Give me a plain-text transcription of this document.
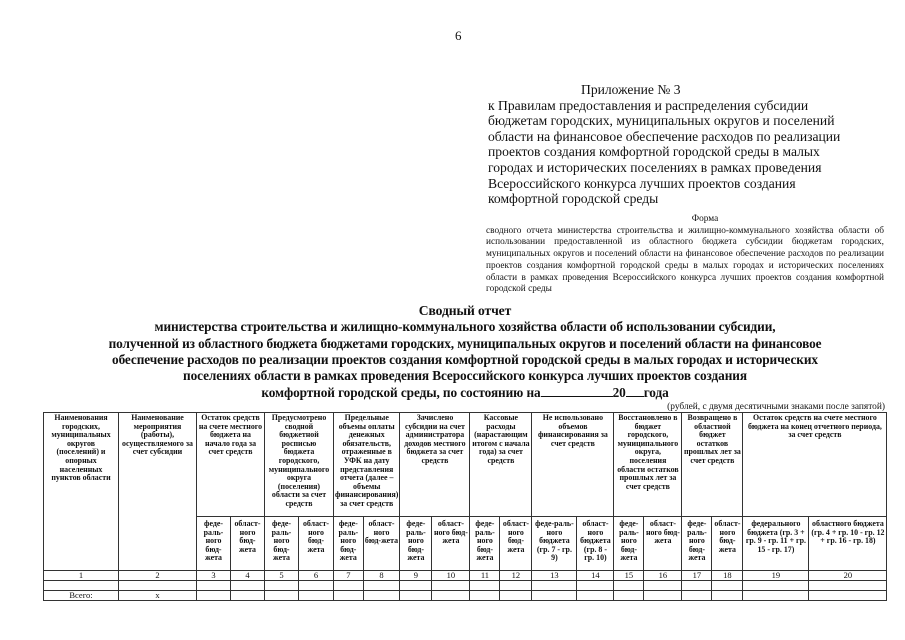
6
Приложение № 3
к Правилам предоставления и распределения субсидии
бюджетам городских, муниципальных округов и поселений
области на финансовое обеспечение расходов по реализации
проектов создания комфортной городской среды в малых
городах и исторических поселениях в рамках проведения
Всероссийского конкурса лучших проектов создания
комфортной городской среды
Форма
сводного отчета министерства строительства и жилищно-коммунального хозяйства области об использовании предоставленной из областного бюджета субсидии бюджетам городских, муниципальных округов и поселений области на финансовое обеспечение расходов по реализации проектов создания комфортной городской среды в малых городах и исторических поселениях области в рамках проведения Всероссийского конкурса лучших проектов создания комфортной городской среды
Сводный отчет
министерства строительства и жилищно-коммунального хозяйства области об использовании субсидии,
полученной из областного бюджета бюджетами городских, муниципальных округов и поселений области на финансовое
обеспечение расходов по реализации проектов создания комфортной городской среды в малых городах и исторических
поселениях области в рамках проведения Всероссийского конкурса лучших проектов создания
комфортной городской среды, по состоянию на	20 года
(рублей, с двумя десятичными знаками после запятой)
Наименования городских, муниципальных округов (поселений) и опорных населенных пунктов области	Наименование мероприятия (работы), осуществляемого за счет субсидии	Остаток средств на счете местного бюджета на начало года за счет средств		Предусмотрено сводной бюджетной росписью бюджета городского, муниципального округа (поселения) области за счет средств		Предельные объемы оплаты денежных обязательств, отраженные в УФК на дату представления отчета (далее – объемы финансирования) за счет средств		Зачислено субсидии на счет администратора доходов местного бюджета за счет средств		Кассовые расходы (нарастающим итогом с начала года) за счет средств		Не использовано объемов финансирования за счет средств		Восстановлено в бюджет городского, муниципального округа, поселения области остатков прошлых лет за счет средств		Возвращено в областной бюджет остатков прошлых лет за счет средств		Остаток средств на счете местного бюджета на конец отчетного периода, за счет средств	
		феде-раль-ного бюд-жета	област-ного бюд-жета	феде-раль-ного бюд-жета	област-ного бюд-жета	феде-раль-ного бюд-жета	област-ного бюд-жета	феде-раль-ного бюд-жета	област-ного бюд-жета	феде-раль-ного бюд-жета	област-ного бюд-жета	феде-раль-ного бюджета (гр. 7 - гр. 9)	област-ного бюджета (гр. 8 - гр. 10)	феде-раль-ного бюд-жета	област-ного бюд-жета	феде-раль-ного бюд-жета	област-ного бюд-жета	федерального бюджета (гр. 3 + гр. 9 - гр. 11 + гр. 15 - гр. 17)	областного бюджета (гр. 4 + гр. 10 - гр. 12 + гр. 16 - гр. 18)
1	2	3	4	5	6	7	8	9	10	11	12	13	14	15	16	17	18	19	20

Всего:	х																		
